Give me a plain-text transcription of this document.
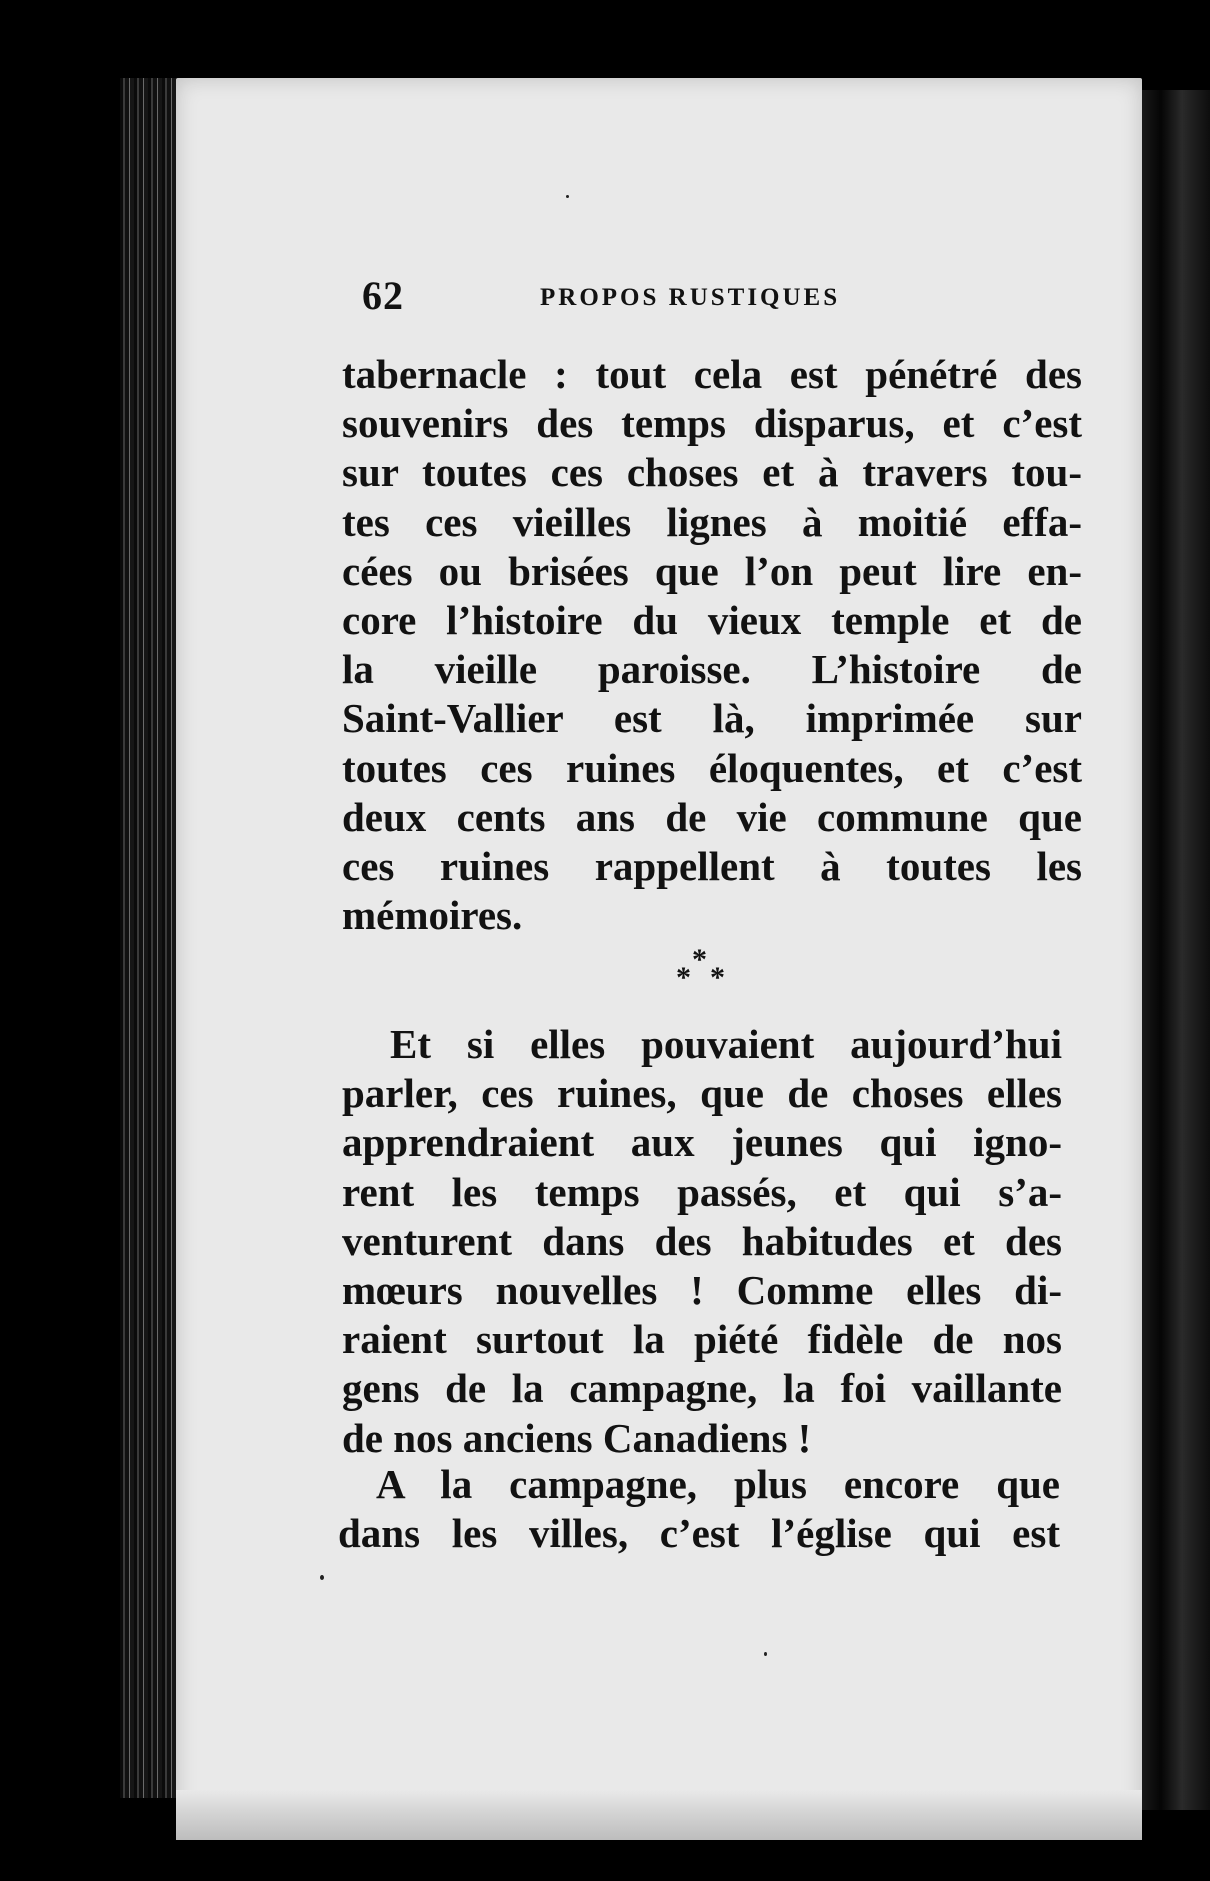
62	PROPOS RUSTIQUES
tabernacle : tout cela est pénétré des
souvenirs des temps disparus, et c’est
sur toutes ces choses et à travers tou-
tes ces vieilles lignes à moitié effa-
cées ou brisées que l’on peut lire en-
core l’histoire du vieux temple et de
la vieille paroisse. L’histoire de
Saint-Vallier est là, imprimée sur
toutes ces ruines éloquentes, et c’est
deux cents ans de vie commune que
ces ruines rappellent à toutes les
mémoires.
*
* *
Et si elles pouvaient aujourd’hui
parler, ces ruines, que de choses elles
apprendraient aux jeunes qui igno-
rent les temps passés, et qui s’a-
venturent dans des habitudes et des
mœurs nouvelles ! Comme elles di-
raient surtout la piété fidèle de nos
gens de la campagne, la foi vaillante
de nos anciens Canadiens !
A la campagne, plus encore que
dans les villes, c’est l’église qui est
